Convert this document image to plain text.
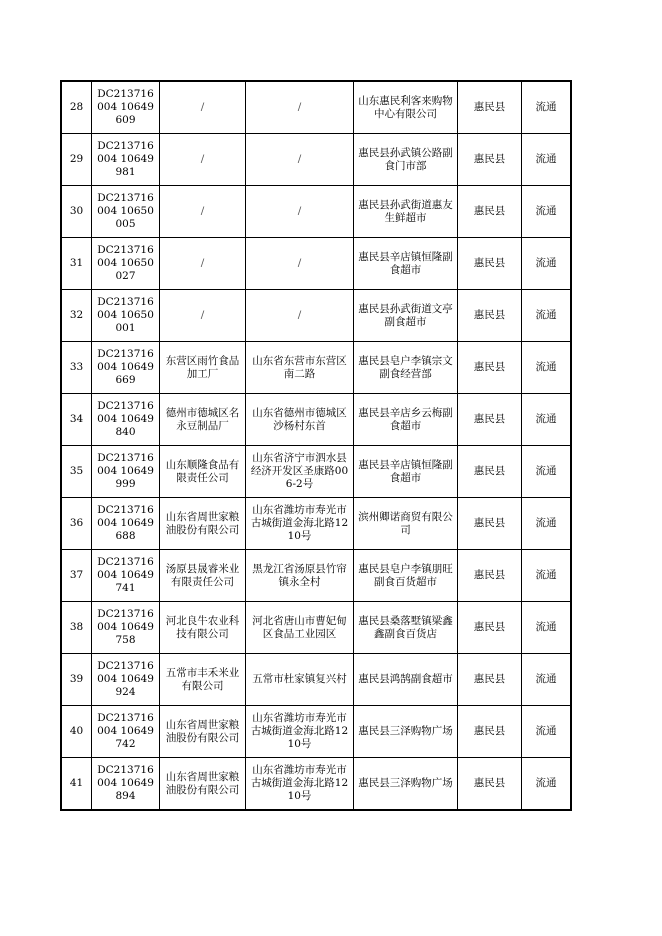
28	DC213716004 10649609	/	/	山东惠民利客来购物中心有限公司	惠民县	流通
29	DC213716004 10649981	/	/	惠民县孙武镇公路副食门市部	惠民县	流通
30	DC213716004 10650005	/	/	惠民县孙武街道惠友生鲜超市	惠民县	流通
31	DC213716004 10650027	/	/	惠民县辛店镇恒隆副食超市	惠民县	流通
32	DC213716004 10650001	/	/	惠民县孙武街道文亭副食超市	惠民县	流通
33	DC213716004 10649669	东营区雨竹食品加工厂	山东省东营市东营区南二路	惠民县皂户李镇宗文副食经营部	惠民县	流通
34	DC213716004 10649840	德州市德城区名永豆制品厂	山东省德州市德城区沙杨村东首	惠民县辛店乡云梅副食超市	惠民县	流通
35	DC213716004 10649999	山东顺隆食品有限责任公司	山东省济宁市泗水县经济开发区圣康路006-2号	惠民县辛店镇恒隆副食超市	惠民县	流通
36	DC213716004 10649688	山东省周世家粮油股份有限公司	山东省潍坊市寿光市古城街道金海北路1210号	滨州卿诺商贸有限公司	惠民县	流通
37	DC213716004 10649741	汤原县晟睿米业有限责任公司	黑龙江省汤原县竹帘镇永全村	惠民县皂户李镇朋旺副食百货超市	惠民县	流通
38	DC213716004 10649758	河北良牛农业科技有限公司	河北省唐山市曹妃甸区食品工业园区	惠民县桑落墅镇梁鑫鑫副食百货店	惠民县	流通
39	DC213716004 10649924	五常市丰禾米业有限公司	五常市杜家镇复兴村	惠民县鸿鹄副食超市	惠民县	流通
40	DC213716004 10649742	山东省周世家粮油股份有限公司	山东省潍坊市寿光市古城街道金海北路1210号	惠民县三泽购物广场	惠民县	流通
41	DC213716004 10649894	山东省周世家粮油股份有限公司	山东省潍坊市寿光市古城街道金海北路1210号	惠民县三泽购物广场	惠民县	流通
